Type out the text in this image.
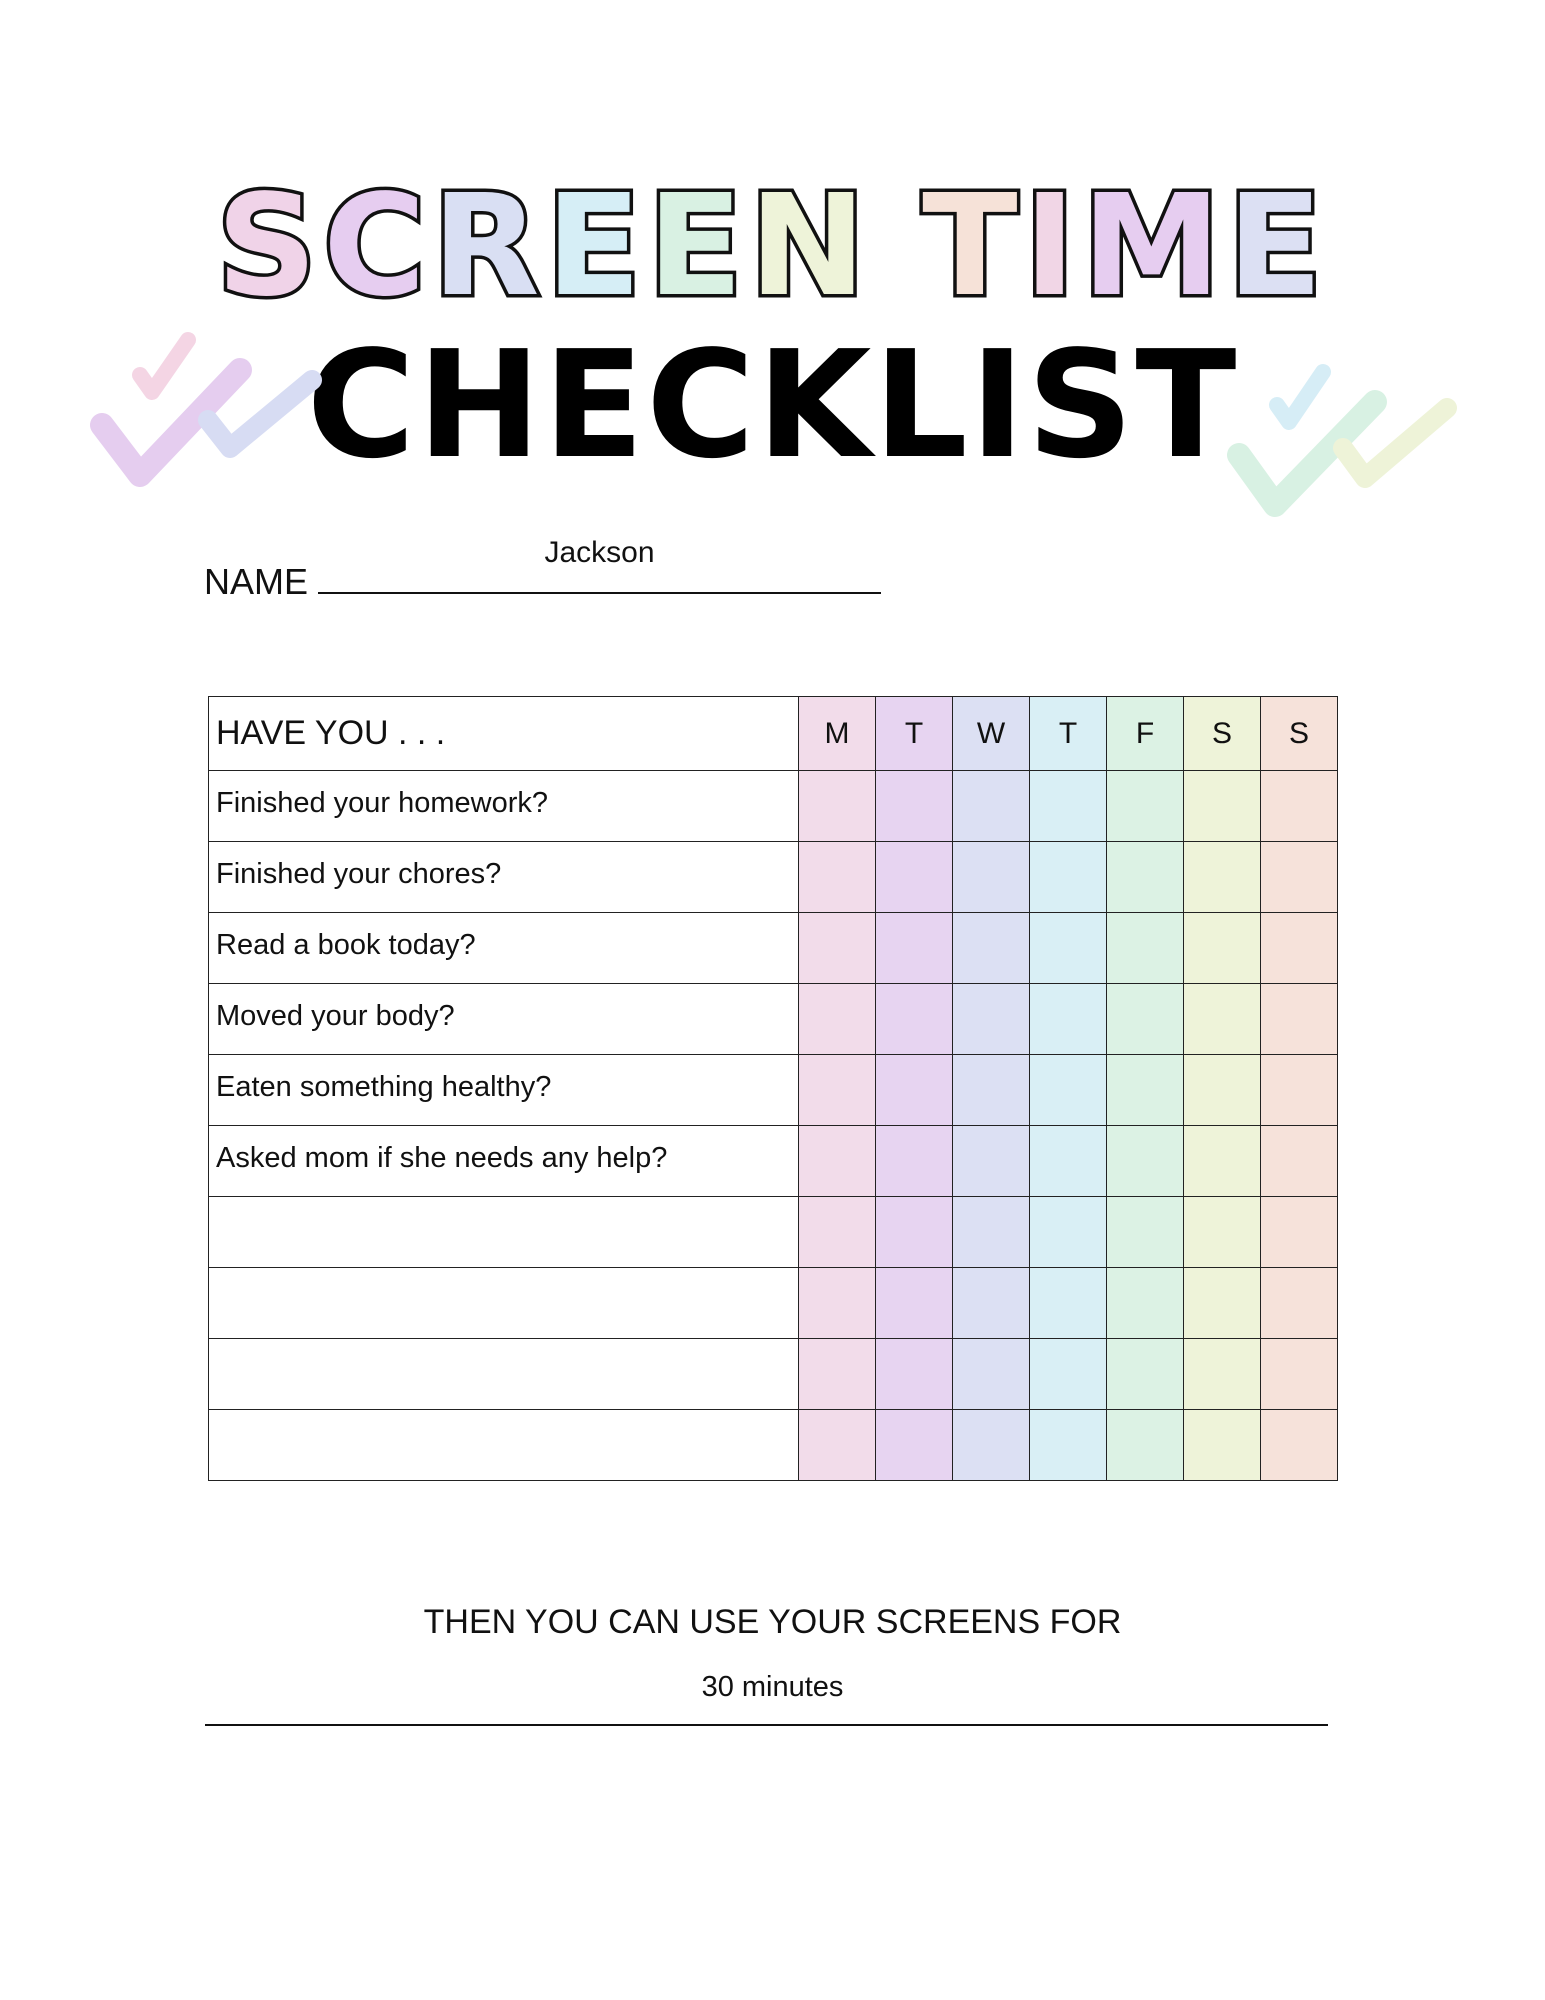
SCREEN TIME
CHECKLIST
NAME
Jackson
HAVE YOU . . .	M	T	W	T	F	S	S
Finished your homework?							
Finished your chores?							
Read a book today?							
Moved your body?							
Eaten something healthy?							
Asked mom if she needs any help?							

THEN YOU CAN USE YOUR SCREENS FOR
30 minutes
